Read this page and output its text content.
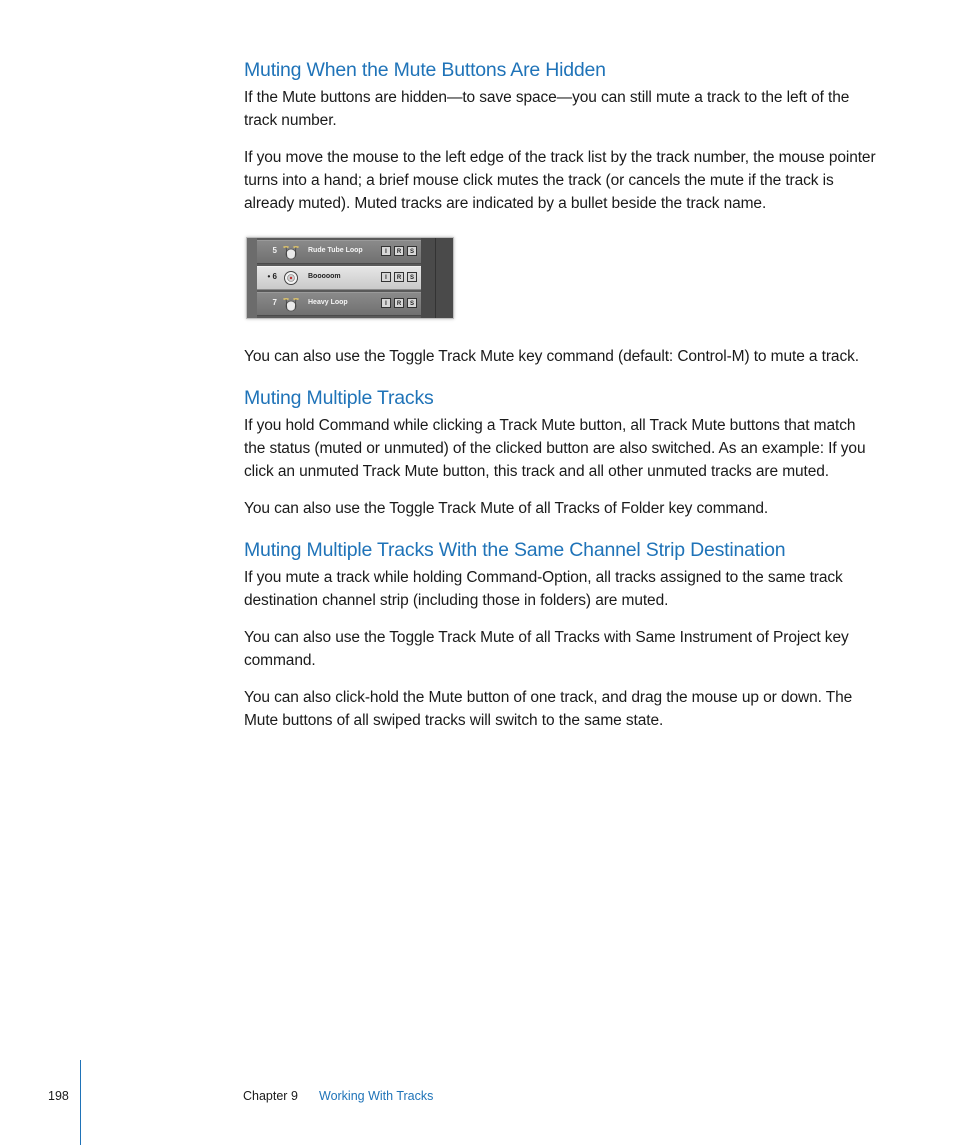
Muting When the Mute Buttons Are Hidden

If the Mute buttons are hidden—to save space—you can still mute a track to the left of the track number.

If you move the mouse to the left edge of the track list by the track number, the mouse pointer turns into a hand; a brief mouse click mutes the track (or cancels the mute if the track is already muted). Muted tracks are indicated by a bullet beside the track name.

5	Rude Tube Loop	I	R	S
• 6	Booooom	I	R	S
7	Heavy Loop	I	R	S

You can also use the Toggle Track Mute key command (default: Control-M) to mute a track.

Muting Multiple Tracks

If you hold Command while clicking a Track Mute button, all Track Mute buttons that match the status (muted or unmuted) of the clicked button are also switched. As an example: If you click an unmuted Track Mute button, this track and all other unmuted tracks are muted.

You can also use the Toggle Track Mute of all Tracks of Folder key command.

Muting Multiple Tracks With the Same Channel Strip Destination

If you mute a track while holding Command-Option, all tracks assigned to the same track destination channel strip (including those in folders) are muted.

You can also use the Toggle Track Mute of all Tracks with Same Instrument of Project key command.

You can also click-hold the Mute button of one track, and drag the mouse up or down. The Mute buttons of all swiped tracks will switch to the same state.

198	Chapter 9 Working With Tracks
